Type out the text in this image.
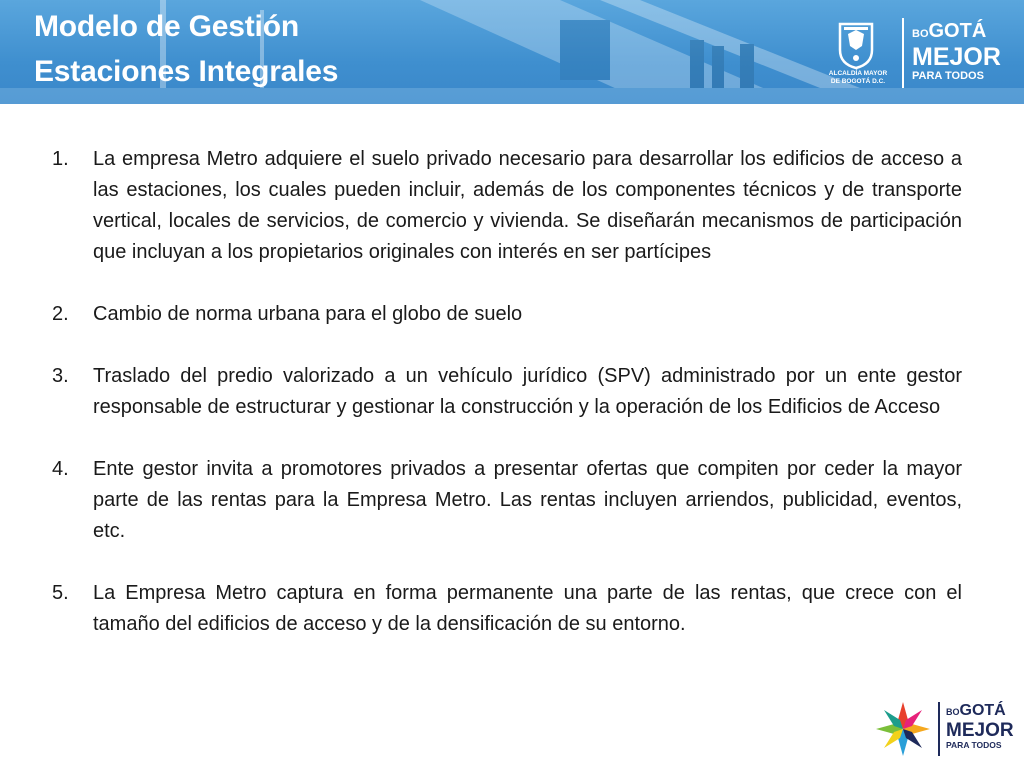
Modelo de Gestión
Estaciones Integrales	ALCALDÍA MAYOR
DE BOGOTÁ D.C.
BOGOTÁ
MEJOR
PARA TODOS
1. La empresa Metro adquiere el suelo privado necesario para desarrollar los edificios de acceso a las estaciones, los cuales pueden incluir, además de los componentes técnicos y de transporte vertical, locales de servicios, de comercio y vivienda. Se diseñarán mecanismos de participación que incluyan a los propietarios originales con interés en ser partícipes
2. Cambio de norma urbana para el globo de suelo
3. Traslado del predio valorizado a un vehículo jurídico (SPV) administrado por un ente gestor responsable de estructurar y gestionar la construcción y la operación de los Edificios de Acceso
4. Ente gestor invita a promotores privados a presentar ofertas que compiten por ceder la mayor parte de las rentas para la Empresa Metro. Las rentas incluyen arriendos, publicidad, eventos, etc.
5. La Empresa Metro captura en forma permanente una parte de las rentas, que crece con el tamaño del edificios de acceso y de la densificación de su entorno.
BOGOTÁ
MEJOR
PARA TODOS
